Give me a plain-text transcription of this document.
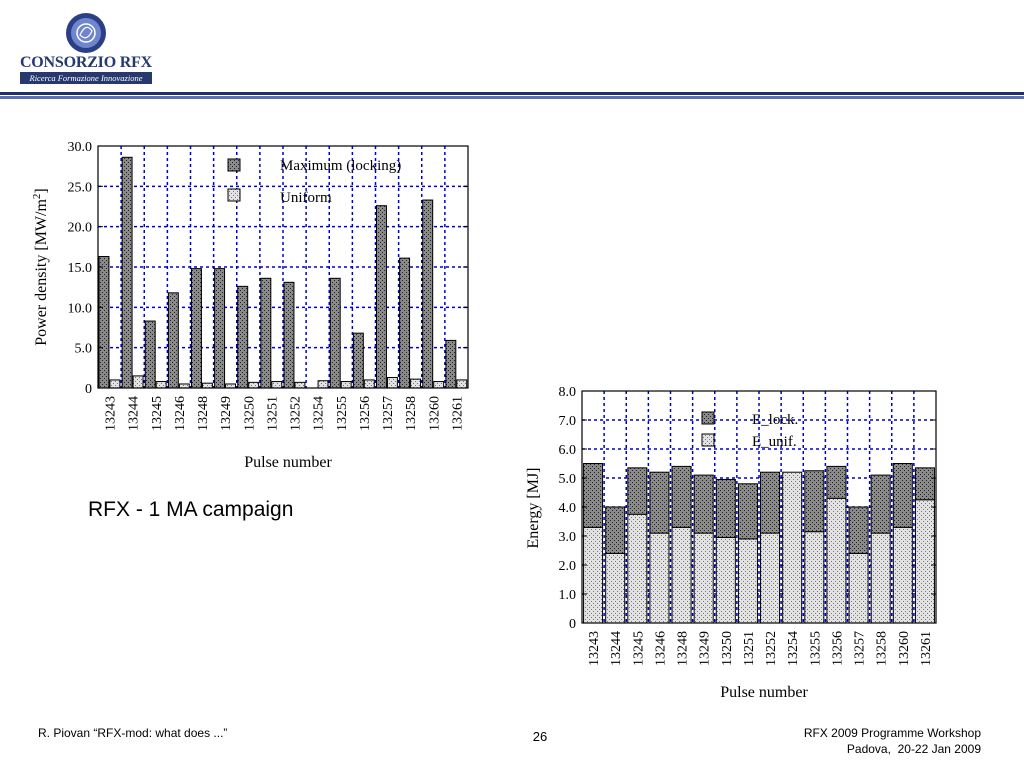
CONSORZIO RFX
Ricerca Formazione Innovazione
0
5.0
10.0
15.0
20.0
25.0
30.0
13243 13244 13245 13246 13248 13249 13250 13251 13252 13254 13255 13256 13257 13258 13260 13261
Maximum (locking)
Uniform
Pulse number
Power density $[MW/m^2]$
0
1.0
2.0
3.0
4.0
5.0
6.0
7.0
8.0
13243 13244 13245 13246 13248 13249 13250 13251 13252 13254 13255 13256 13257 13258 13260 13261
E_lock.
E_unif.
Pulse number
Energy [MJ]
RFX - 1 MA campaign
R. Piovan “RFX-mod: what does ...”	26	RFX 2009 Programme Workshop
Padova,  20-22 Jan 2009
